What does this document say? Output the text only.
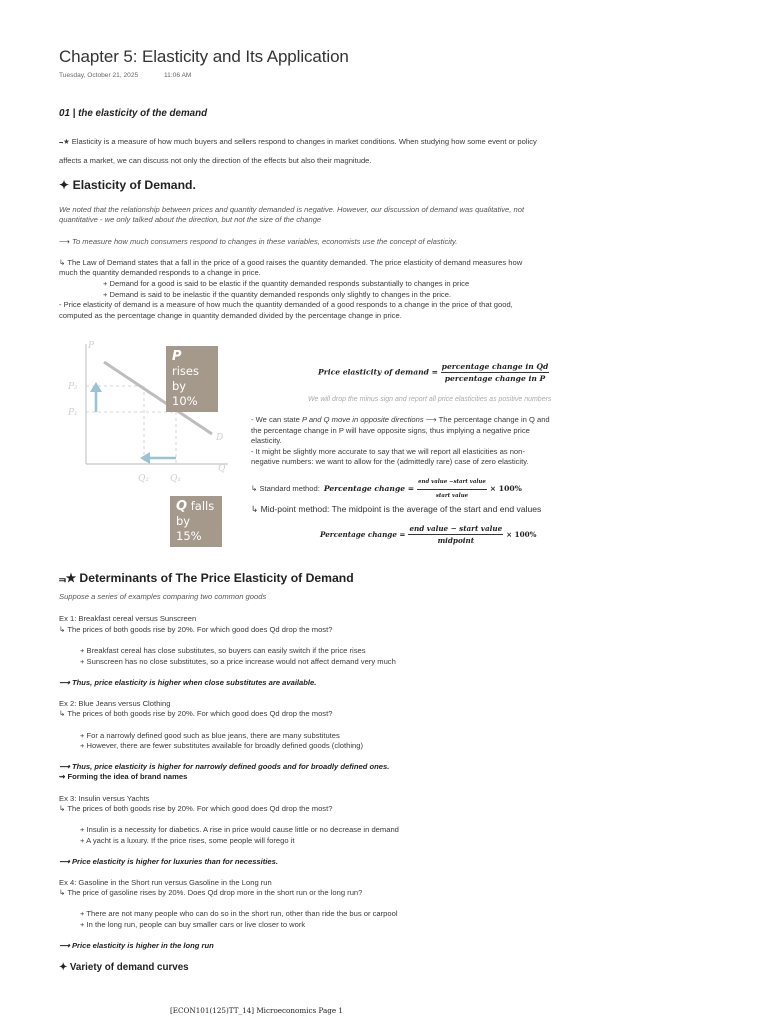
Chapter 5: Elasticity and Its Application
Tuesday, October 21, 2025	11:06 AM
01 | the elasticity of the demand
⫬★ Elasticity is a measure of how much buyers and sellers respond to changes in market conditions. When studying how some event or policy
affects a market, we can discuss not only the direction of the effects but also their magnitude.
✦ Elasticity of Demand.
We noted that the relationship between prices and quantity demanded is negative. However, our discussion of demand was qualitative, not
quantitative - we only talked about the direction, but not the size of the change
⟶ To measure how much consumers respond to changes in these variables, economists use the concept of elasticity.
↳ The Law of Demand states that a fall in the price of a good raises the quantity demanded. The price elasticity of demand measures how
much the quantity demanded responds to a change in price.
+ Demand for a good is said to be elastic if the quantity demanded responds substantially to changes in price
+ Demand is said to be inelastic if the quantity demanded responds only slightly to changes in the price.
- Price elasticity of demand is a measure of how much the quantity demanded of a good responds to a change in the price of that good,
computed as the percentage change in quantity demanded divided by the percentage change in price.
P
Q
P₂
P₁
Q₂ Q₁
D
P rises
by 10%
Q falls
by 15%
Price elasticity of demand = $\frac{\text{percentage change in Qd}}{\text{percentage change in P}}$
We will drop the minus sign and report all price elasticities as positive numbers
- We can state P and Q move in opposite directions ⟶ The percentage change in Q and
the percentage change in P will have opposite signs, thus implying a negative price
elasticity.
- It might be slightly more accurate to say that we will report all elasticities as non-
negative numbers: we want to allow for the (admittedly rare) case of zero elasticity.
↳ Standard method: Percentage change = $\frac{\text{end value −start value}}{\text{start value}} \times 100\%$
↳ Mid-point method: The midpoint is the average of the start and end values
Percentage change = $\frac{\text{end value − start value}}{\text{midpoint}} \times 100\%$
⫬★ Determinants of The Price Elasticity of Demand
Suppose a series of examples comparing two common goods
Ex 1: Breakfast cereal versus Sunscreen
↳ The prices of both goods rise by 20%. For which good does Qd drop the most?
+ Breakfast cereal has close substitutes, so buyers can easily switch if the price rises
+ Sunscreen has no close substitutes, so a price increase would not affect demand very much
⟶ Thus, price elasticity is higher when close substitutes are available.
Ex 2: Blue Jeans versus Clothing
↳ The prices of both goods rise by 20%. For which good does Qd drop the most?
+ For a narrowly defined good such as blue jeans, there are many substitutes
+ However, there are fewer substitutes available for broadly defined goods (clothing)
⟶ Thus, price elasticity is higher for narrowly defined goods and for broadly defined ones.
⇝ Forming the idea of brand names
Ex 3: Insulin versus Yachts
↳ The prices of both goods rise by 20%. For which good does Qd drop the most?
+ Insulin is a necessity for diabetics. A rise in price would cause little or no decrease in demand
+ A yacht is a luxury. If the price rises, some people will forego it
⟶ Price elasticity is higher for luxuries than for necessities.
Ex 4: Gasoline in the Short run versus Gasoline in the Long run
↳ The price of gasoline rises by 20%. Does Qd drop more in the short run or the long run?
+ There are not many people who can do so in the short run, other than ride the bus or carpool
+ In the long run, people can buy smaller cars or live closer to work
⟶ Price elasticity is higher in the long run
✦ Variety of demand curves
[ECON101(125)TT_14] Microeconomics Page 1
